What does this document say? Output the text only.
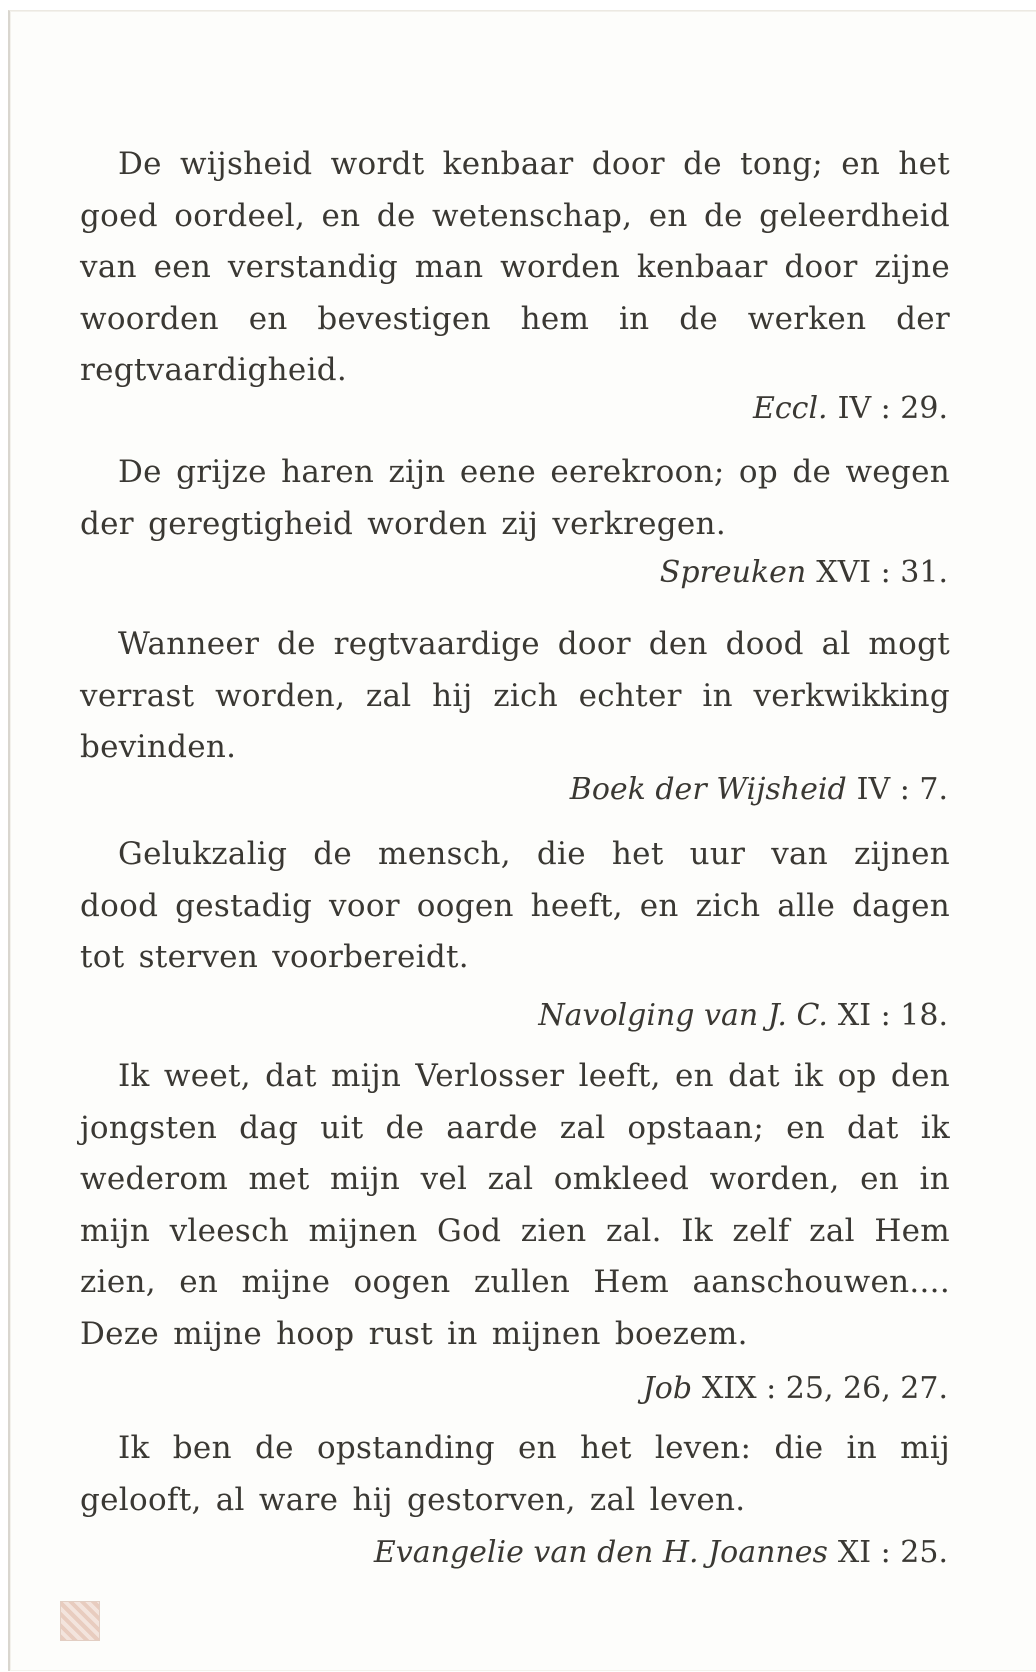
De wijsheid wordt kenbaar door de tong; en het goed oordeel, en de wetenschap, en de geleerdheid van een verstandig man worden kenbaar door zijne woorden en bevestigen hem in de werken der regtvaardigheid.

Eccl. IV : 29.

De grijze haren zijn eene eerekroon; op de wegen der geregtigheid worden zij verkregen.

Spreuken XVI : 31.

Wanneer de regtvaardige door den dood al mogt verrast worden, zal hij zich echter in verkwikking bevinden.

Boek der Wijsheid IV : 7.

Gelukzalig de mensch, die het uur van zijnen dood gestadig voor oogen heeft, en zich alle dagen tot sterven voorbereidt.

Navolging van J. C. XI : 18.

Ik weet, dat mijn Verlosser leeft, en dat ik op den jongsten dag uit de aarde zal opstaan; en dat ik wederom met mijn vel zal omkleed worden, en in mijn vleesch mijnen God zien zal. Ik zelf zal Hem zien, en mijne oogen zullen Hem aanschouwen.... Deze mijne hoop rust in mijnen boezem.

Job XIX : 25, 26, 27.

Ik ben de opstanding en het leven: die in mij gelooft, al ware hij gestorven, zal leven.

Evangelie van den H. Joannes XI : 25.
